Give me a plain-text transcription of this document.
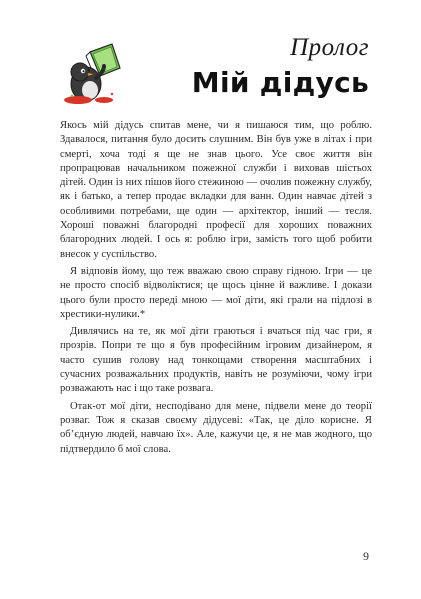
Пролог
Мій дідусь

Якось мій дідусь спитав мене, чи я пишаюся тим, що роблю. Здавалося, питання було досить слушним. Він був уже в літах і при смерті, хоча тоді я ще не знав цього. Усе своє життя він пропрацював начальником пожежної служби і виховав шістьох дітей. Один із них пішов його стежиною — очолив пожежну службу, як і батько, а тепер продає вкладки для ванн. Один навчає дітей з особливими потребами, ще один — архітектор, інший — тесля. Хороші поважні благородні професії для хороших поважних благородних людей. І ось я: роблю ігри, замість того щоб робити внесок у суспільство.

Я відповів йому, що теж вважаю свою справу гідною. Ігри — це не просто спосіб відволіктися; це щось цінне й важливе. І докази цього були просто переді мною — мої діти, які грали на підлозі в хрестики-нулики.*

Дивлячись на те, як мої діти граються і вчаться під час гри, я прозрів. Попри те що я був професійним ігровим дизайнером, я часто сушив голову над тонкощами створення масштабних і сучасних розважальних продуктів, навіть не розуміючи, чому ігри розважають нас і що таке розвага.

Отак-от мої діти, несподівано для мене, підвели мене до теорії розваг. Тож я сказав своєму дідусеві: «Так, це діло корисне. Я об’єдную людей, навчаю їх». Але, кажучи це, я не мав жодного, що підтвердило б мої слова.

9
